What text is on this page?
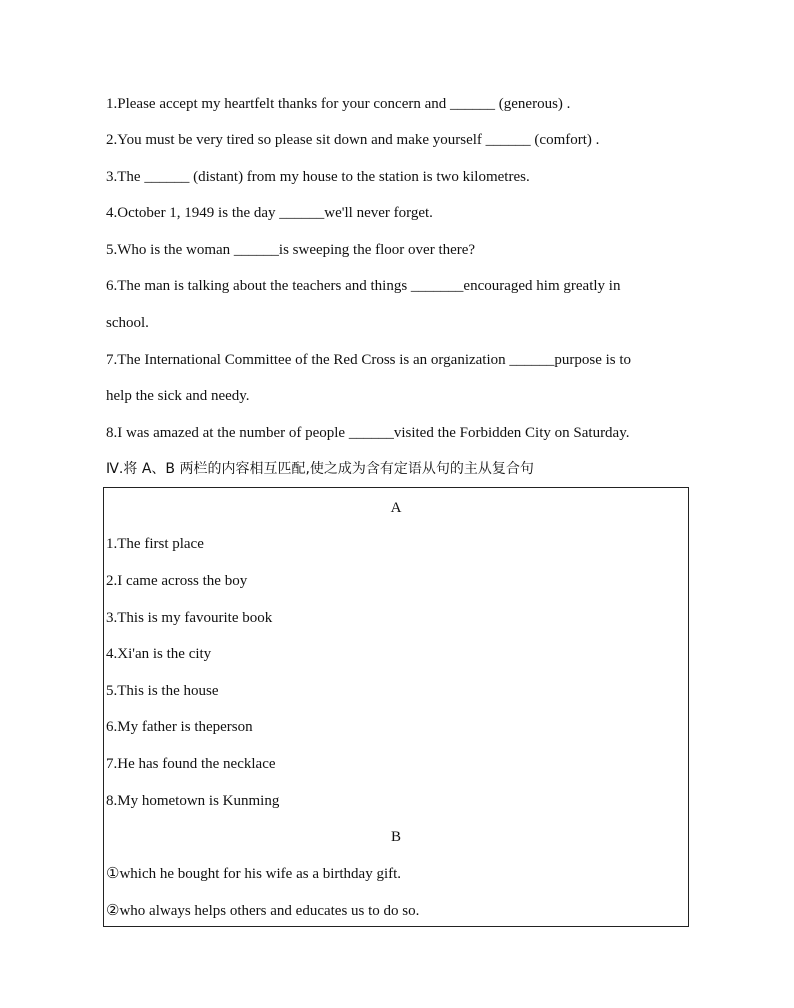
1.Please accept my heartfelt thanks for your concern and ______ (generous) .
2.You must be very tired so please sit down and make yourself ______ (comfort) .
3.The ______ (distant) from my house to the station is two kilometres.
4.October 1, 1949 is the day ______we'll never forget.
5.Who is the woman ______is sweeping the floor over there?
6.The man is talking about the teachers and things _______encouraged him greatly in
school.
7.The International Committee of the Red Cross is an organization ______purpose is to
help the sick and needy.
8.I was amazed at the number of people ______visited the Forbidden City on Saturday.
Ⅳ.将 A、B 两栏的内容相互匹配,使之成为含有定语从句的主从复合句
A
1.The first place
2.I came across the boy
3.This is my favourite book
4.Xi'an is the city
5.This is the house
6.My father is theperson
7.He has found the necklace
8.My hometown is Kunming
B
①which he bought for his wife as a birthday gift.
②who always helps others and educates us to do so.
